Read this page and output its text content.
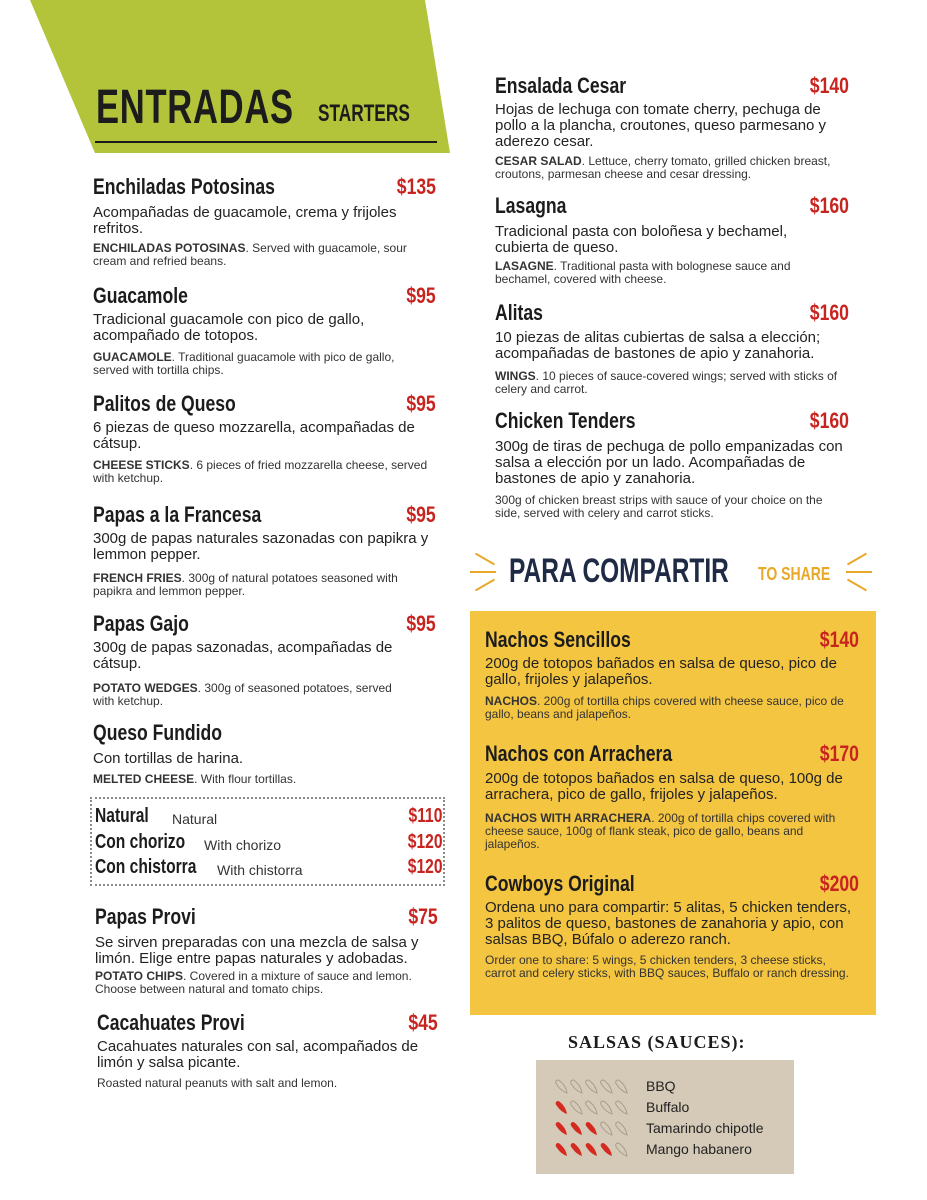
ENTRADAS STARTERS
Enchiladas Potosinas	$135
Acompañadas de guacamole, crema y frijoles refritos.
ENCHILADAS POTOSINAS. Served with guacamole, sour cream and refried beans.
Guacamole	$95
Tradicional guacamole con pico de gallo, acompañado de totopos.
GUACAMOLE. Traditional guacamole with pico de gallo, served with tortilla chips.
Palitos de Queso	$95
6 piezas de queso mozzarella, acompañadas de cátsup.
CHEESE STICKS. 6 pieces of fried mozzarella cheese, served with ketchup.
Papas a la Francesa	$95
300g de papas naturales sazonadas con papikra y lemmon pepper.
FRENCH FRIES. 300g of natural potatoes seasoned with papikra and lemmon pepper.
Papas Gajo	$95
300g de papas sazonadas, acompañadas de cátsup.
POTATO WEDGES. 300g of seasoned potatoes, served with ketchup.
Queso Fundido
Con tortillas de harina.
MELTED CHEESE. With flour tortillas.
Natural Natural	$110
Con chorizo With chorizo	$120
Con chistorra With chistorra	$120
Papas Provi	$75
Se sirven preparadas con una mezcla de salsa y limón. Elige entre papas naturales y adobadas.
POTATO CHIPS. Covered in a mixture of sauce and lemon. Choose between natural and tomato chips.
Cacahuates Provi	$45
Cacahuates naturales con sal, acompañados de limón y salsa picante.
Roasted natural peanuts with salt and lemon.
Ensalada Cesar	$140
Hojas de lechuga con tomate cherry, pechuga de pollo a la plancha, croutones, queso parmesano y aderezo cesar.
CESAR SALAD. Lettuce, cherry tomato, grilled chicken breast, croutons, parmesan cheese and cesar dressing.
Lasagna	$160
Tradicional pasta con boloñesa y bechamel, cubierta de queso.
LASAGNE. Traditional pasta with bolognese sauce and bechamel, covered with cheese.
Alitas	$160
10 piezas de alitas cubiertas de salsa a elección; acompañadas de bastones de apio y zanahoria.
WINGS. 10 pieces of sauce-covered wings; served with sticks of celery and carrot.
Chicken Tenders	$160
300g de tiras de pechuga de pollo empanizadas con salsa a elección por un lado. Acompañadas de bastones de apio y zanahoria.
300g of chicken breast strips with sauce of your choice on the side, served with celery and carrot sticks.
PARA COMPARTIR TO SHARE
Nachos Sencillos	$140
200g de totopos bañados en salsa de queso, pico de gallo, frijoles y jalapeños.
NACHOS. 200g of tortilla chips covered with cheese sauce, pico de gallo, beans and jalapeños.
Nachos con Arrachera	$170
200g de totopos bañados en salsa de queso, 100g de arrachera, pico de gallo, frijoles y jalapeños.
NACHOS WITH ARRACHERA. 200g of tortilla chips covered with cheese sauce, 100g of flank steak, pico de gallo, beans and jalapeños.
Cowboys Original	$200
Ordena uno para compartir: 5 alitas, 5 chicken tenders, 3 palitos de queso, bastones de zanahoria y apio, con salsas BBQ, Búfalo o aderezo ranch.
Order one to share: 5 wings, 5 chicken tenders, 3 cheese sticks, carrot and celery sticks, with BBQ sauces, Buffalo or ranch dressing.
SALSAS (SAUCES):
BBQ
Buffalo
Tamarindo chipotle
Mango habanero
